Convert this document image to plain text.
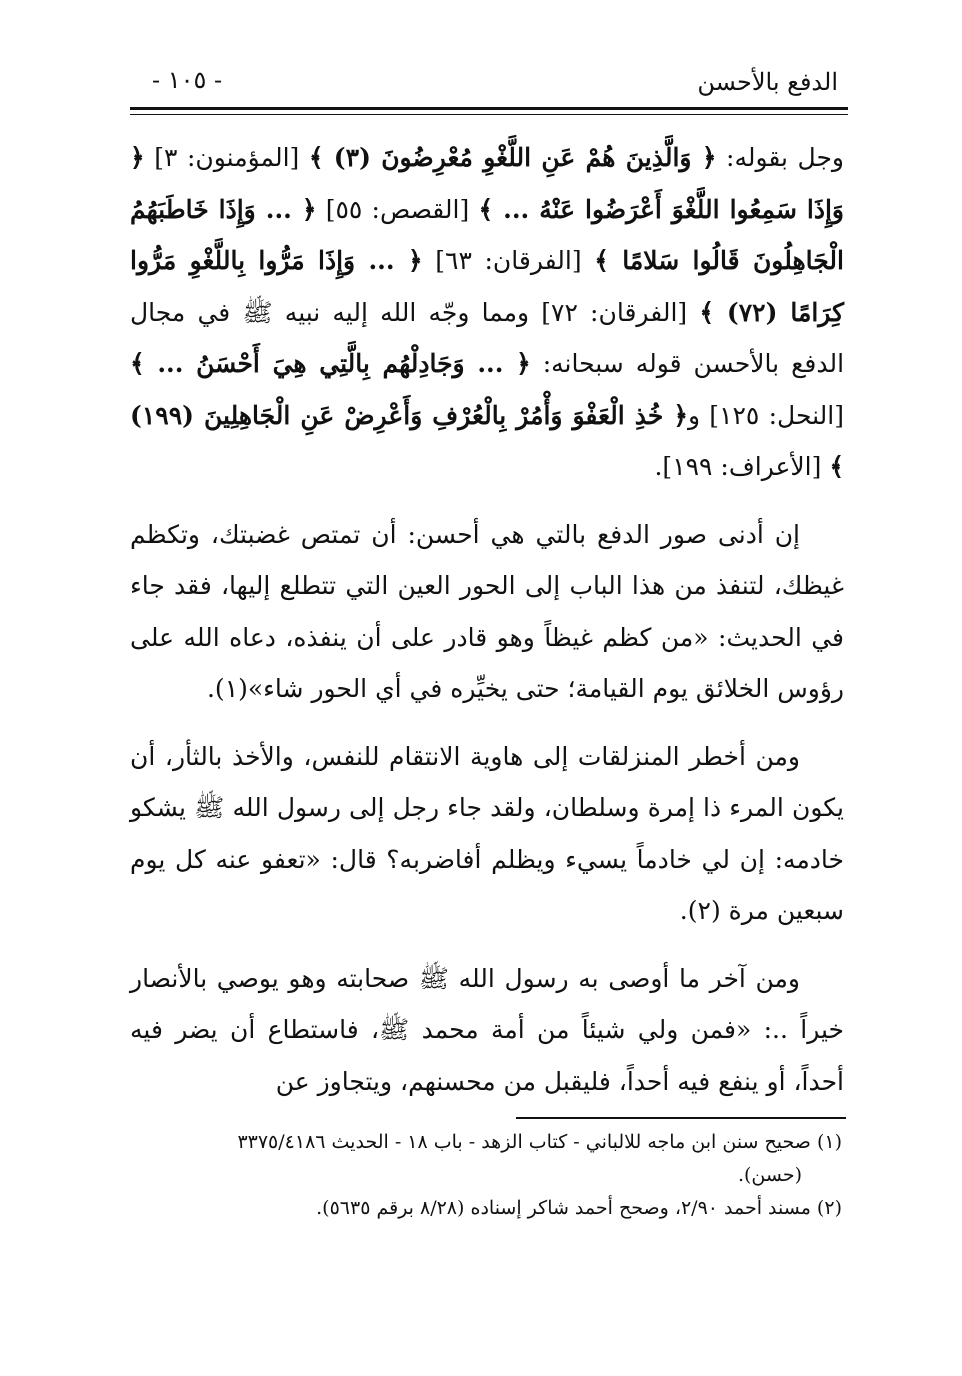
الدفع بالأحسن
- ١٠٥ -

وجل بقوله: ﴿ وَالَّذِينَ هُمْ عَنِ اللَّغْوِ مُعْرِضُونَ (٣) ﴾ [المؤمنون: ٣] ﴿ وَإِذَا سَمِعُوا اللَّغْوَ أَعْرَضُوا عَنْهُ ... ﴾ [القصص: ٥٥] ﴿ ... وَإِذَا خَاطَبَهُمُ الْجَاهِلُونَ قَالُوا سَلامًا ﴾ [الفرقان: ٦٣] ﴿ ... وَإِذَا مَرُّوا بِاللَّغْوِ مَرُّوا كِرَامًا (٧٢) ﴾ [الفرقان: ٧٢] ومما وجّه الله إليه نبيه ﷺ في مجال الدفع بالأحسن قوله سبحانه: ﴿ ... وَجَادِلْهُم بِالَّتِي هِيَ أَحْسَنُ ... ﴾ [النحل: ١٢٥] و﴿ خُذِ الْعَفْوَ وَأْمُرْ بِالْعُرْفِ وَأَعْرِضْ عَنِ الْجَاهِلِينَ (١٩٩) ﴾ [الأعراف: ١٩٩].

إن أدنى صور الدفع بالتي هي أحسن: أن تمتص غضبتك، وتكظم غيظك، لتنفذ من هذا الباب إلى الحور العين التي تتطلع إليها، فقد جاء في الحديث: «من كظم غيظاً وهو قادر على أن ينفذه، دعاه الله على رؤوس الخلائق يوم القيامة؛ حتى يخيِّره في أي الحور شاء»(١).

ومن أخطر المنزلقات إلى هاوية الانتقام للنفس، والأخذ بالثأر، أن يكون المرء ذا إمرة وسلطان، ولقد جاء رجل إلى رسول الله ﷺ يشكو خادمه: إن لي خادماً يسيء ويظلم أفاضربه؟ قال: «تعفو عنه كل يوم سبعين مرة (٢).

ومن آخر ما أوصى به رسول الله ﷺ صحابته وهو يوصي بالأنصار خيراً ..: «فمن ولي شيئاً من أمة محمد ﷺ، فاستطاع أن يضر فيه أحداً، أو ينفع فيه أحداً، فليقبل من محسنهم، ويتجاوز عن

(١) صحيح سنن ابن ماجه للالباني - كتاب الزهد - باب ١٨ - الحديث ٣٣٧٥/٤١٨٦

(حسن).

(٢) مسند أحمد ٢/٩٠، وصحح أحمد شاكر إسناده (٨/٢٨ برقم ٥٦٣٥).
